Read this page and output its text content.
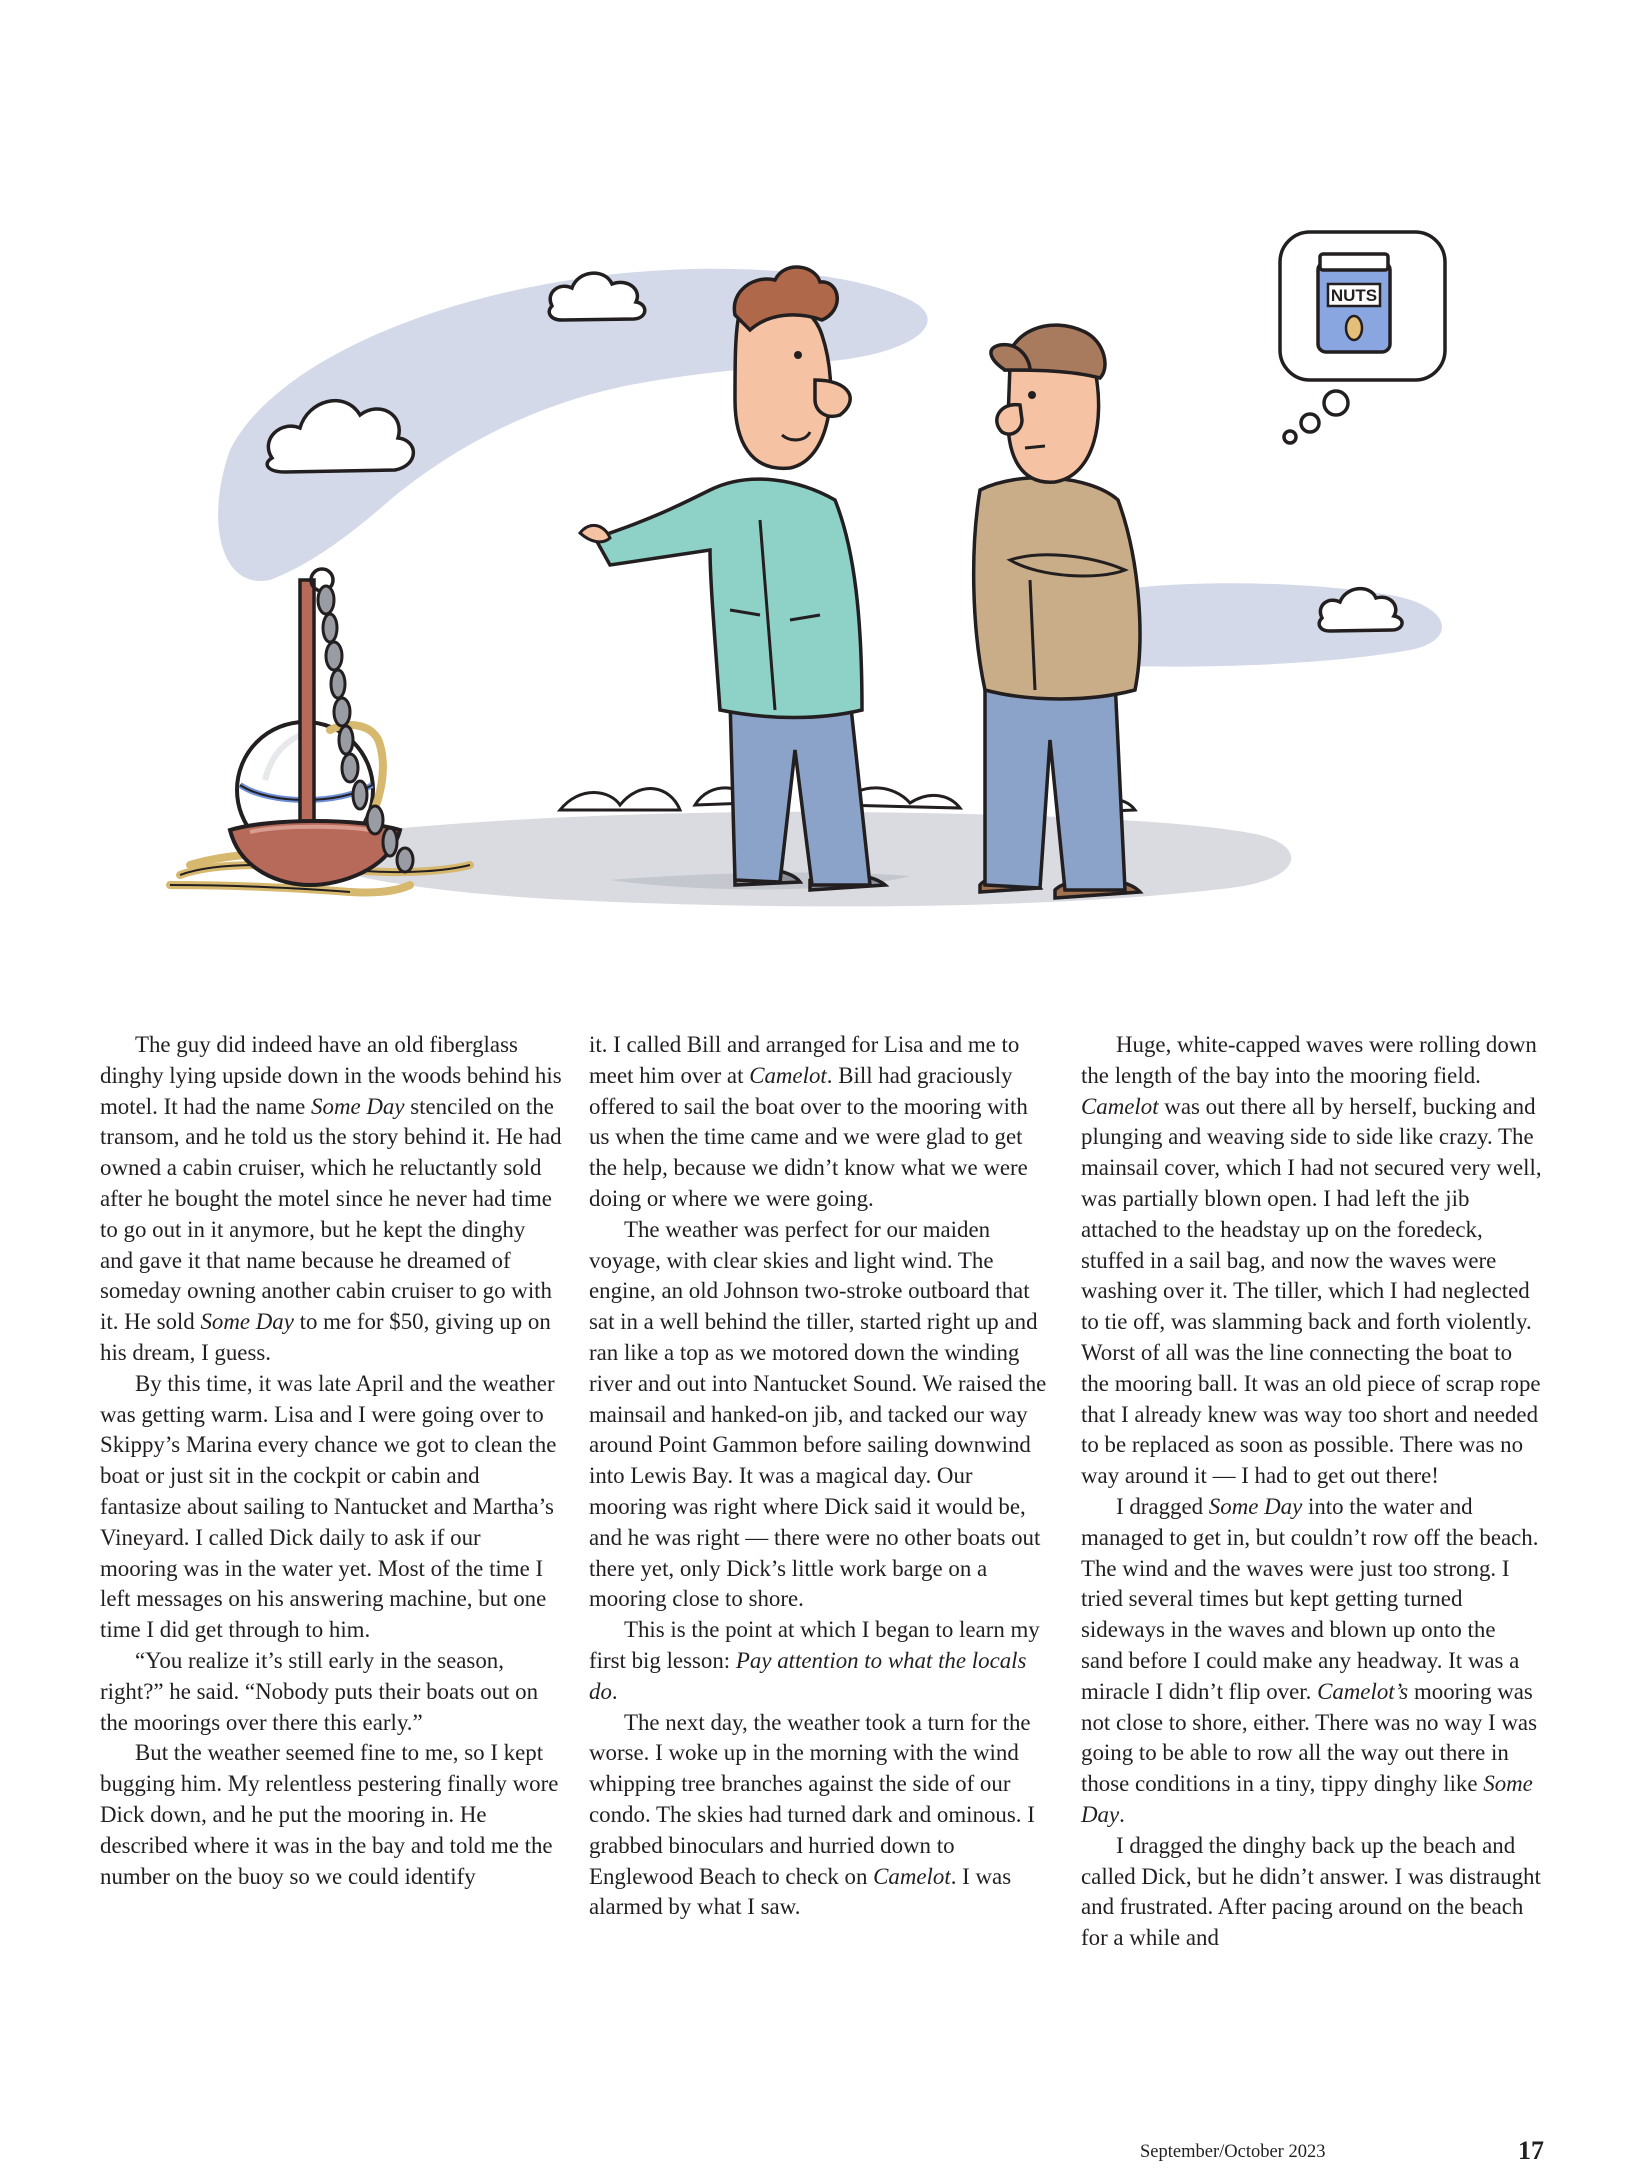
NUTS

The guy did indeed have an old fiberglass dinghy lying upside down in the woods behind his motel. It had the name Some Day stenciled on the transom, and he told us the story behind it. He had owned a cabin cruiser, which he reluctantly sold after he bought the motel since he never had time to go out in it anymore, but he kept the dinghy and gave it that name because he dreamed of someday owning another cabin cruiser to go with it. He sold Some Day to me for $50, giving up on his dream, I guess.

By this time, it was late April and the weather was getting warm. Lisa and I were going over to Skippy’s Marina every chance we got to clean the boat or just sit in the cockpit or cabin and fantasize about sailing to Nantucket and Martha’s Vineyard. I called Dick daily to ask if our mooring was in the water yet. Most of the time I left messages on his answering machine, but one time I did get through to him.

“You realize it’s still early in the season, right?” he said. “Nobody puts their boats out on the moorings over there this early.”

But the weather seemed fine to me, so I kept bugging him. My relentless pestering finally wore Dick down, and he put the mooring in. He described where it was in the bay and told me the number on the buoy so we could identify

it. I called Bill and arranged for Lisa and me to meet him over at Camelot. Bill had graciously offered to sail the boat over to the mooring with us when the time came and we were glad to get the help, because we didn’t know what we were doing or where we were going.

The weather was perfect for our maiden voyage, with clear skies and light wind. The engine, an old Johnson two-stroke outboard that sat in a well behind the tiller, started right up and ran like a top as we motored down the winding river and out into Nantucket Sound. We raised the mainsail and hanked-on jib, and tacked our way around Point Gammon before sailing downwind into Lewis Bay. It was a magical day. Our mooring was right where Dick said it would be, and he was right — there were no other boats out there yet, only Dick’s little work barge on a mooring close to shore.

This is the point at which I began to learn my first big lesson: Pay attention to what the locals do.

The next day, the weather took a turn for the worse. I woke up in the morning with the wind whipping tree branches against the side of our condo. The skies had turned dark and ominous. I grabbed binoculars and hurried down to Englewood Beach to check on Camelot. I was alarmed by what I saw.

Huge, white-capped waves were rolling down the length of the bay into the mooring field. Camelot was out there all by herself, bucking and plunging and weaving side to side like crazy. The mainsail cover, which I had not secured very well, was partially blown open. I had left the jib attached to the headstay up on the foredeck, stuffed in a sail bag, and now the waves were washing over it. The tiller, which I had neglected to tie off, was slamming back and forth violently. Worst of all was the line connecting the boat to the mooring ball. It was an old piece of scrap rope that I already knew was way too short and needed to be replaced as soon as possible. There was no way around it — I had to get out there!

I dragged Some Day into the water and managed to get in, but couldn’t row off the beach. The wind and the waves were just too strong. I tried several times but kept getting turned sideways in the waves and blown up onto the sand before I could make any headway. It was a miracle I didn’t flip over. Camelot’s mooring was not close to shore, either. There was no way I was going to be able to row all the way out there in those conditions in a tiny, tippy dinghy like Some Day.

I dragged the dinghy back up the beach and called Dick, but he didn’t answer. I was distraught and frustrated. After pacing around on the beach for a while and

September/October 2023	17
